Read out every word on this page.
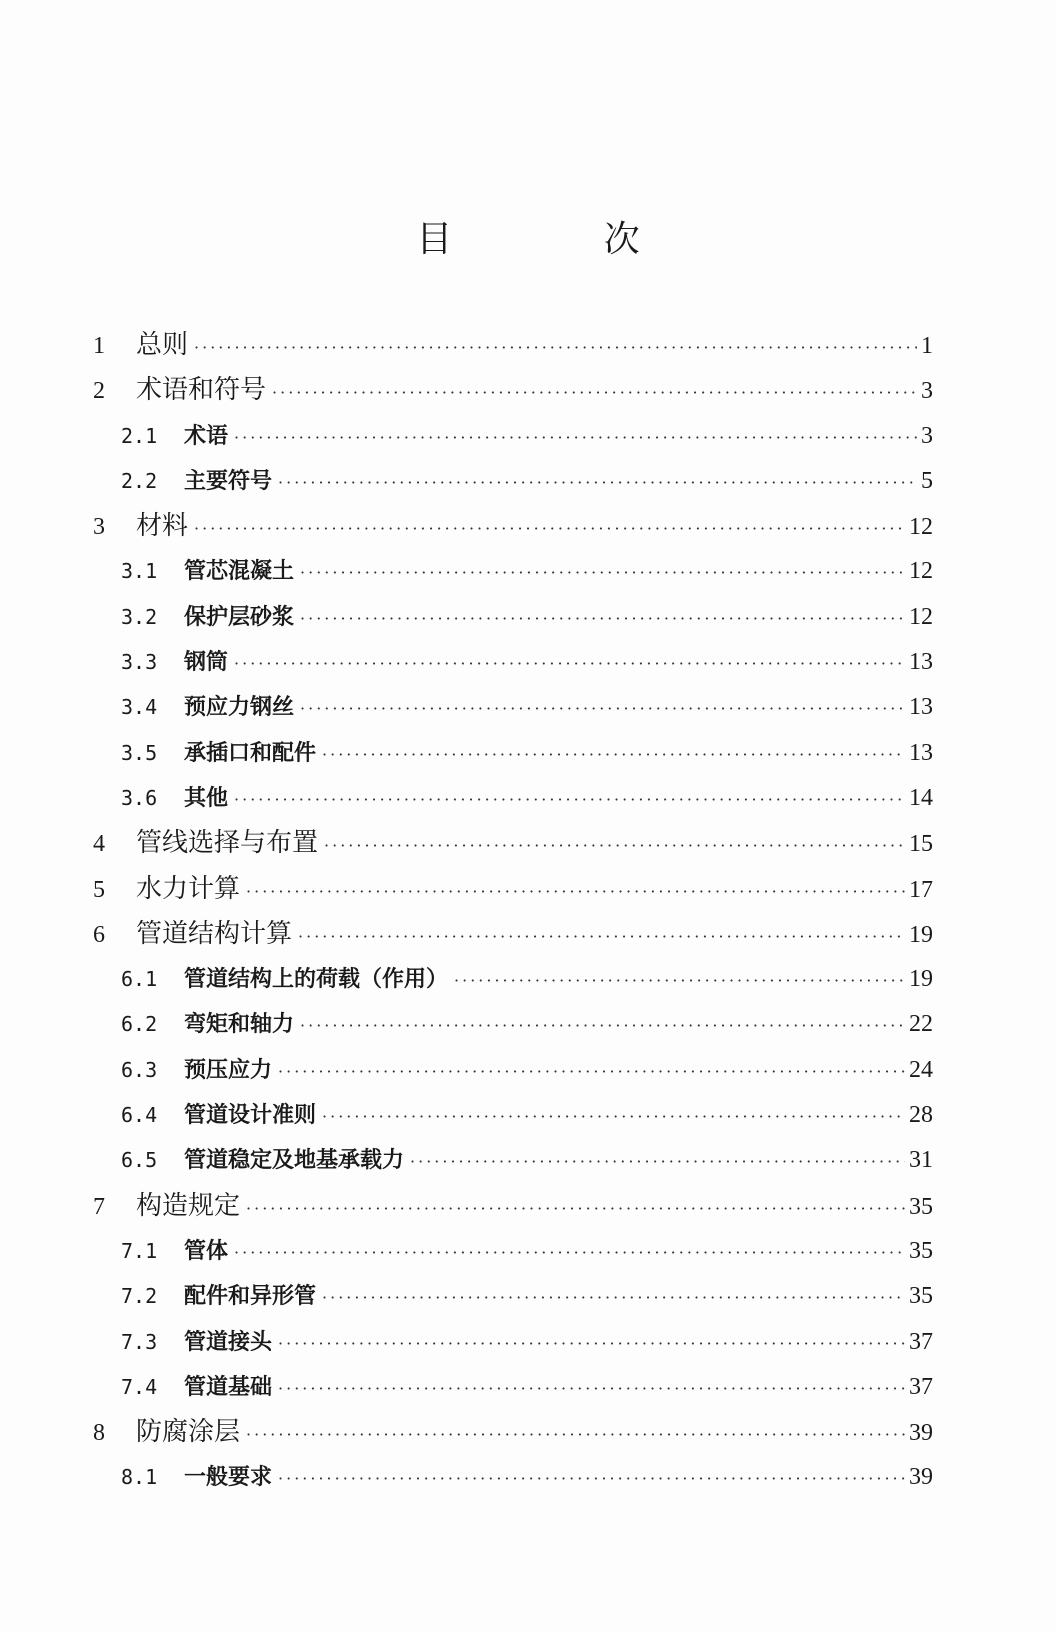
目 次
1	总则 ·····	1
2	术语和符号 ·····	3
2.1	术语 ·····	3
2.2	主要符号 ·····	5
3	材料 ·····	12
3.1	管芯混凝土 ·····	12
3.2	保护层砂浆 ·····	12
3.3	钢筒 ·····	13
3.4	预应力钢丝 ·····	13
3.5	承插口和配件 ·····	13
3.6	其他 ·····	14
4	管线选择与布置 ·····	15
5	水力计算 ·····	17
6	管道结构计算 ·····	19
6.1	管道结构上的荷载（作用） ·····	19
6.2	弯矩和轴力 ·····	22
6.3	预压应力 ·····	24
6.4	管道设计准则 ·····	28
6.5	管道稳定及地基承载力 ·····	31
7	构造规定 ·····	35
7.1	管体 ·····	35
7.2	配件和异形管 ·····	35
7.3	管道接头 ·····	37
7.4	管道基础 ·····	37
8	防腐涂层 ·····	39
8.1	一般要求 ·····	39
